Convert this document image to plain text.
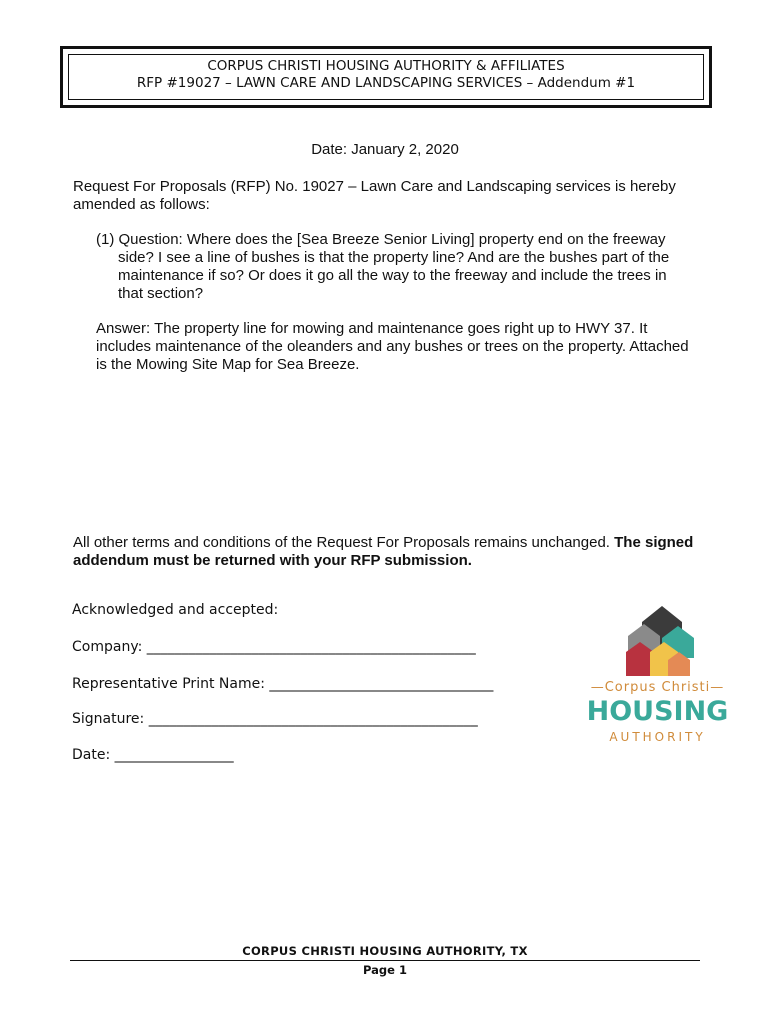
CORPUS CHRISTI HOUSING AUTHORITY & AFFILIATES
RFP #19027 – LAWN CARE AND LANDSCAPING SERVICES – Addendum #1
Date: January 2, 2020
Request For Proposals (RFP) No. 19027 – Lawn Care and Landscaping services is hereby
amended as follows:
(1) Question: Where does the [Sea Breeze Senior Living] property end on the freeway
side? I see a line of bushes is that the property line? And are the bushes part of the
maintenance if so? Or does it go all the way to the freeway and include the trees in
that section?
Answer: The property line for mowing and maintenance goes right up to HWY 37. It
includes maintenance of the oleanders and any bushes or trees on the property. Attached
is the Mowing Site Map for Sea Breeze.
All other terms and conditions of the Request For Proposals remains unchanged. The signed
addendum must be returned with your RFP submission.
Acknowledged and accepted:
Company: _______________________________________________
Representative Print Name: ________________________________
Signature: _______________________________________________
Date: _________________
—Corpus Christi—
HOUSING
AUTHORITY
CORPUS CHRISTI HOUSING AUTHORITY, TX
Page 1
